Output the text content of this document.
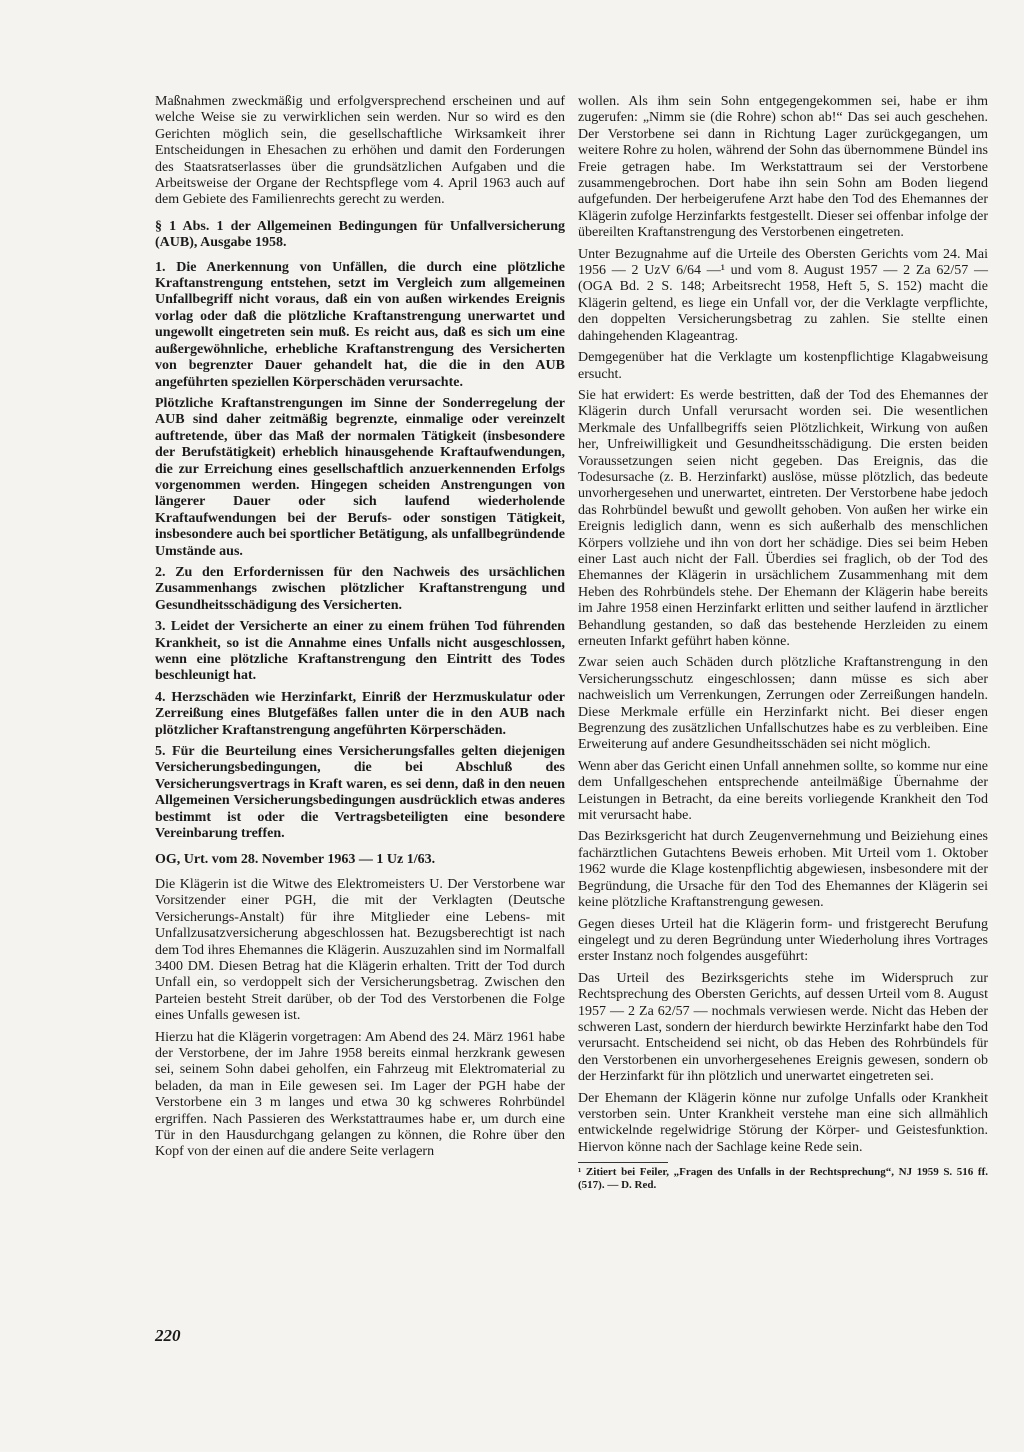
Maßnahmen zweckmäßig und erfolgversprechend erscheinen und auf welche Weise sie zu verwirklichen sein werden. Nur so wird es den Gerichten möglich sein, die gesellschaftliche Wirksamkeit ihrer Entscheidungen in Ehesachen zu erhöhen und damit den Forderungen des Staatsratserlasses über die grundsätzlichen Aufgaben und die Arbeitsweise der Organe der Rechtspflege vom 4. April 1963 auch auf dem Gebiete des Familienrechts gerecht zu werden.

§ 1 Abs. 1 der Allgemeinen Bedingungen für Unfallversicherung (AUB), Ausgabe 1958.

1. Die Anerkennung von Unfällen, die durch eine plötzliche Kraftanstrengung entstehen, setzt im Vergleich zum allgemeinen Unfallbegriff nicht voraus, daß ein von außen wirkendes Ereignis vorlag oder daß die plötzliche Kraftanstrengung unerwartet und ungewollt eingetreten sein muß. Es reicht aus, daß es sich um eine außergewöhnliche, erhebliche Kraftanstrengung des Versicherten von begrenzter Dauer gehandelt hat, die die in den AUB angeführten speziellen Körperschäden verursachte.

Plötzliche Kraftanstrengungen im Sinne der Sonderregelung der AUB sind daher zeitmäßig begrenzte, einmalige oder vereinzelt auftretende, über das Maß der normalen Tätigkeit (insbesondere der Berufstätigkeit) erheblich hinausgehende Kraftaufwendungen, die zur Erreichung eines gesellschaftlich anzuerkennenden Erfolgs vorgenommen werden. Hingegen scheiden Anstrengungen von längerer Dauer oder sich laufend wiederholende Kraftaufwendungen bei der Berufs- oder sonstigen Tätigkeit, insbesondere auch bei sportlicher Betätigung, als unfallbegründende Umstände aus.

2. Zu den Erfordernissen für den Nachweis des ursächlichen Zusammenhangs zwischen plötzlicher Kraftanstrengung und Gesundheitsschädigung des Versicherten.

3. Leidet der Versicherte an einer zu einem frühen Tod führenden Krankheit, so ist die Annahme eines Unfalls nicht ausgeschlossen, wenn eine plötzliche Kraftanstrengung den Eintritt des Todes beschleunigt hat.

4. Herzschäden wie Herzinfarkt, Einriß der Herzmuskulatur oder Zerreißung eines Blutgefäßes fallen unter die in den AUB nach plötzlicher Kraftanstrengung angeführten Körperschäden.

5. Für die Beurteilung eines Versicherungsfalles gelten diejenigen Versicherungsbedingungen, die bei Abschluß des Versicherungsvertrags in Kraft waren, es sei denn, daß in den neuen Allgemeinen Versicherungsbedingungen ausdrücklich etwas anderes bestimmt ist oder die Vertragsbeteiligten eine besondere Vereinbarung treffen.

OG, Urt. vom 28. November 1963 — 1 Uz 1/63.

Die Klägerin ist die Witwe des Elektromeisters U. Der Verstorbene war Vorsitzender einer PGH, die mit der Verklagten (Deutsche Versicherungs-Anstalt) für ihre Mitglieder eine Lebens- mit Unfallzusatzversicherung abgeschlossen hat. Bezugsberechtigt ist nach dem Tod ihres Ehemannes die Klägerin. Auszuzahlen sind im Normalfall 3400 DM. Diesen Betrag hat die Klägerin erhalten. Tritt der Tod durch Unfall ein, so verdoppelt sich der Versicherungsbetrag. Zwischen den Parteien besteht Streit darüber, ob der Tod des Verstorbenen die Folge eines Unfalls gewesen ist.

Hierzu hat die Klägerin vorgetragen: Am Abend des 24. März 1961 habe der Verstorbene, der im Jahre 1958 bereits einmal herzkrank gewesen sei, seinem Sohn dabei geholfen, ein Fahrzeug mit Elektromaterial zu beladen, da man in Eile gewesen sei. Im Lager der PGH habe der Verstorbene ein 3 m langes und etwa 30 kg schweres Rohrbündel ergriffen. Nach Passieren des Werkstattraumes habe er, um durch eine Tür in den Hausdurchgang gelangen zu können, die Rohre über den Kopf von der einen auf die andere Seite verlagern

wollen. Als ihm sein Sohn entgegengekommen sei, habe er ihm zugerufen: „Nimm sie (die Rohre) schon ab!“ Das sei auch geschehen. Der Verstorbene sei dann in Richtung Lager zurückgegangen, um weitere Rohre zu holen, während der Sohn das übernommene Bündel ins Freie getragen habe. Im Werkstattraum sei der Verstorbene zusammengebrochen. Dort habe ihn sein Sohn am Boden liegend aufgefunden. Der herbeigerufene Arzt habe den Tod des Ehemannes der Klägerin zufolge Herzinfarkts festgestellt. Dieser sei offenbar infolge der übereilten Kraftanstrengung des Verstorbenen eingetreten.

Unter Bezugnahme auf die Urteile des Obersten Gerichts vom 24. Mai 1956 — 2 UzV 6/64 —¹ und vom 8. August 1957 — 2 Za 62/57 — (OGA Bd. 2 S. 148; Arbeitsrecht 1958, Heft 5, S. 152) macht die Klägerin geltend, es liege ein Unfall vor, der die Verklagte verpflichte, den doppelten Versicherungsbetrag zu zahlen. Sie stellte einen dahingehenden Klageantrag.

Demgegenüber hat die Verklagte um kostenpflichtige Klagabweisung ersucht.

Sie hat erwidert: Es werde bestritten, daß der Tod des Ehemannes der Klägerin durch Unfall verursacht worden sei. Die wesentlichen Merkmale des Unfallbegriffs seien Plötzlichkeit, Wirkung von außen her, Unfreiwilligkeit und Gesundheitsschädigung. Die ersten beiden Voraussetzungen seien nicht gegeben. Das Ereignis, das die Todesursache (z. B. Herzinfarkt) auslöse, müsse plötzlich, das bedeute unvorhergesehen und unerwartet, eintreten. Der Verstorbene habe jedoch das Rohrbündel bewußt und gewollt gehoben. Von außen her wirke ein Ereignis lediglich dann, wenn es sich außerhalb des menschlichen Körpers vollziehe und ihn von dort her schädige. Dies sei beim Heben einer Last auch nicht der Fall. Überdies sei fraglich, ob der Tod des Ehemannes der Klägerin in ursächlichem Zusammenhang mit dem Heben des Rohrbündels stehe. Der Ehemann der Klägerin habe bereits im Jahre 1958 einen Herzinfarkt erlitten und seither laufend in ärztlicher Behandlung gestanden, so daß das bestehende Herzleiden zu einem erneuten Infarkt geführt haben könne.

Zwar seien auch Schäden durch plötzliche Kraftanstrengung in den Versicherungsschutz eingeschlossen; dann müsse es sich aber nachweislich um Verrenkungen, Zerrungen oder Zerreißungen handeln. Diese Merkmale erfülle ein Herzinfarkt nicht. Bei dieser engen Begrenzung des zusätzlichen Unfallschutzes habe es zu verbleiben. Eine Erweiterung auf andere Gesundheitsschäden sei nicht möglich.

Wenn aber das Gericht einen Unfall annehmen sollte, so komme nur eine dem Unfallgeschehen entsprechende anteilmäßige Übernahme der Leistungen in Betracht, da eine bereits vorliegende Krankheit den Tod mit verursacht habe.

Das Bezirksgericht hat durch Zeugenvernehmung und Beiziehung eines fachärztlichen Gutachtens Beweis erhoben. Mit Urteil vom 1. Oktober 1962 wurde die Klage kostenpflichtig abgewiesen, insbesondere mit der Begründung, die Ursache für den Tod des Ehemannes der Klägerin sei keine plötzliche Kraftanstrengung gewesen.

Gegen dieses Urteil hat die Klägerin form- und fristgerecht Berufung eingelegt und zu deren Begründung unter Wiederholung ihres Vortrages erster Instanz noch folgendes ausgeführt:

Das Urteil des Bezirksgerichts stehe im Widerspruch zur Rechtsprechung des Obersten Gerichts, auf dessen Urteil vom 8. August 1957 — 2 Za 62/57 — nochmals verwiesen werde. Nicht das Heben der schweren Last, sondern der hierdurch bewirkte Herzinfarkt habe den Tod verursacht. Entscheidend sei nicht, ob das Heben des Rohrbündels für den Verstorbenen ein unvorhergesehenes Ereignis gewesen, sondern ob der Herzinfarkt für ihn plötzlich und unerwartet eingetreten sei.

Der Ehemann der Klägerin könne nur zufolge Unfalls oder Krankheit verstorben sein. Unter Krankheit verstehe man eine sich allmählich entwickelnde regelwidrige Störung der Körper- und Geistesfunktion. Hiervon könne nach der Sachlage keine Rede sein.

¹ Zitiert bei Feiler, „Fragen des Unfalls in der Rechtsprechung“, NJ 1959 S. 516 ff. (517). — D. Red.

220
